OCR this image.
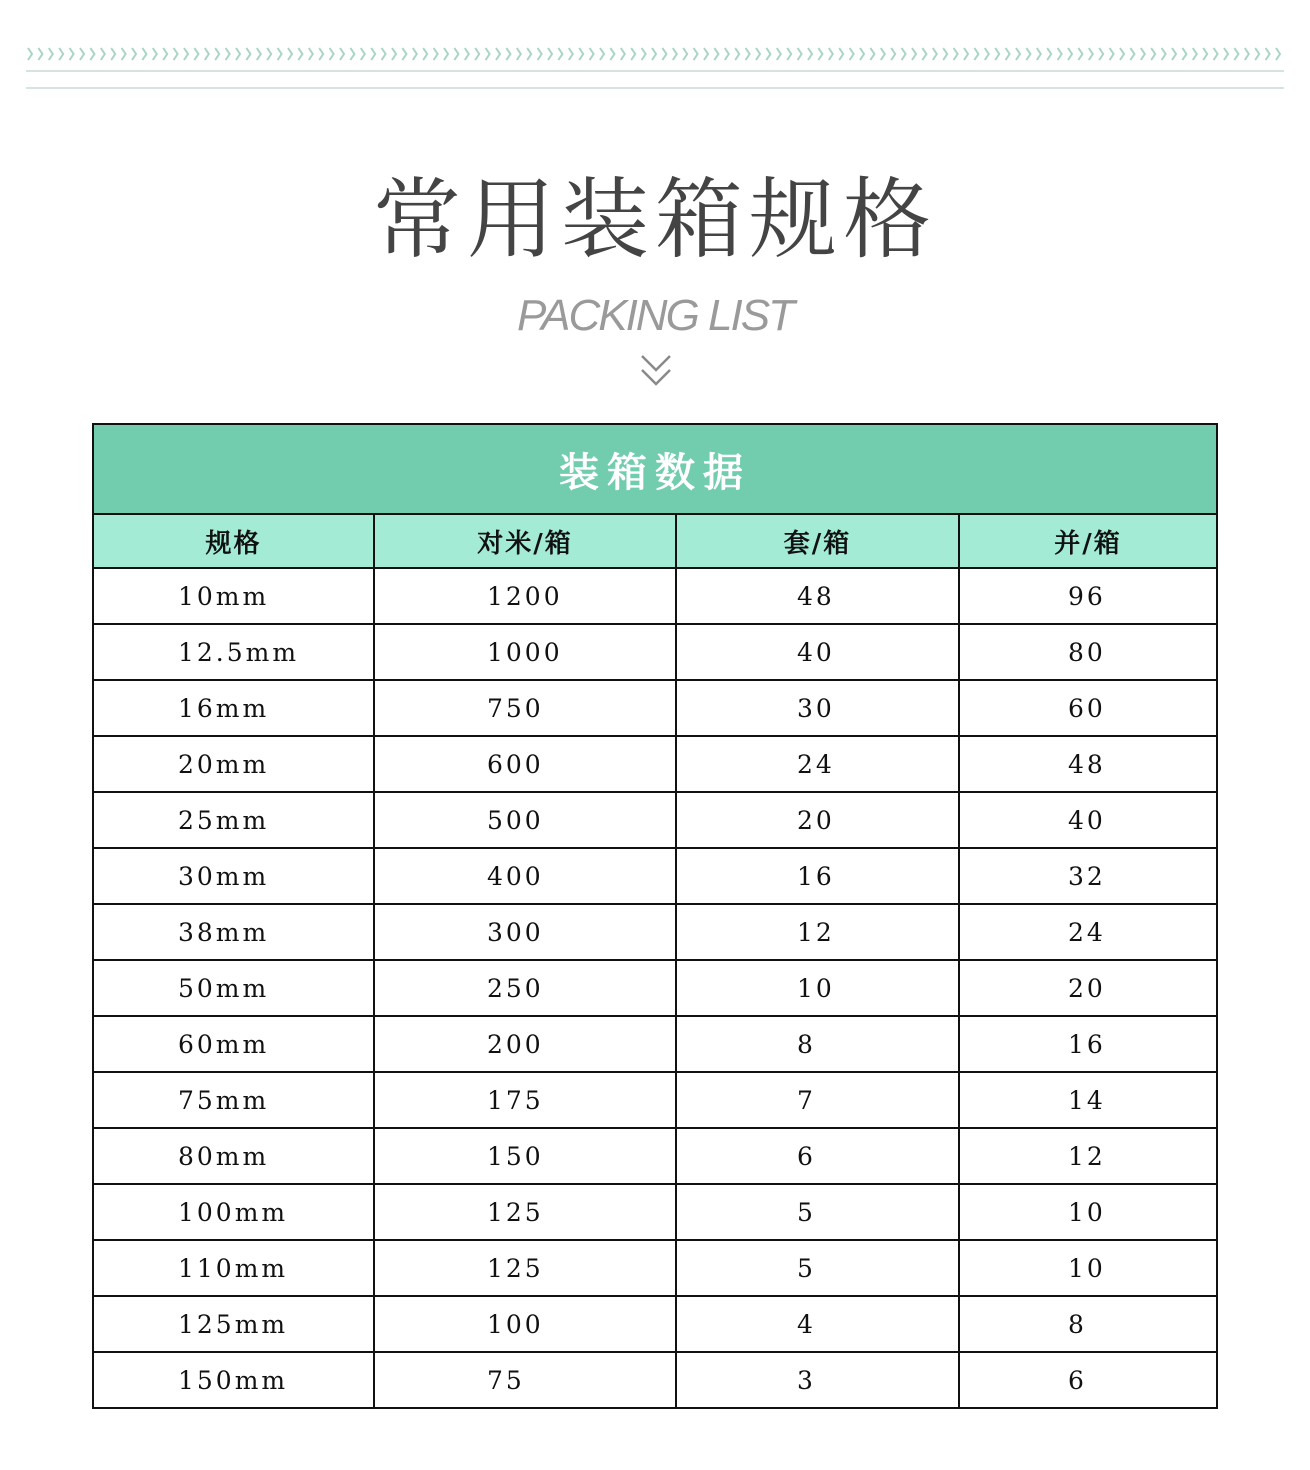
常用装箱规格
PACKING LIST
装箱数据			
规格	对米/箱	套/箱	并/箱
10mm	1200	48	96
12.5mm	1000	40	80
16mm	750	30	60
20mm	600	24	48
25mm	500	20	40
30mm	400	16	32
38mm	300	12	24
50mm	250	10	20
60mm	200	8	16
75mm	175	7	14
80mm	150	6	12
100mm	125	5	10
110mm	125	5	10
125mm	100	4	8
150mm	75	3	6
